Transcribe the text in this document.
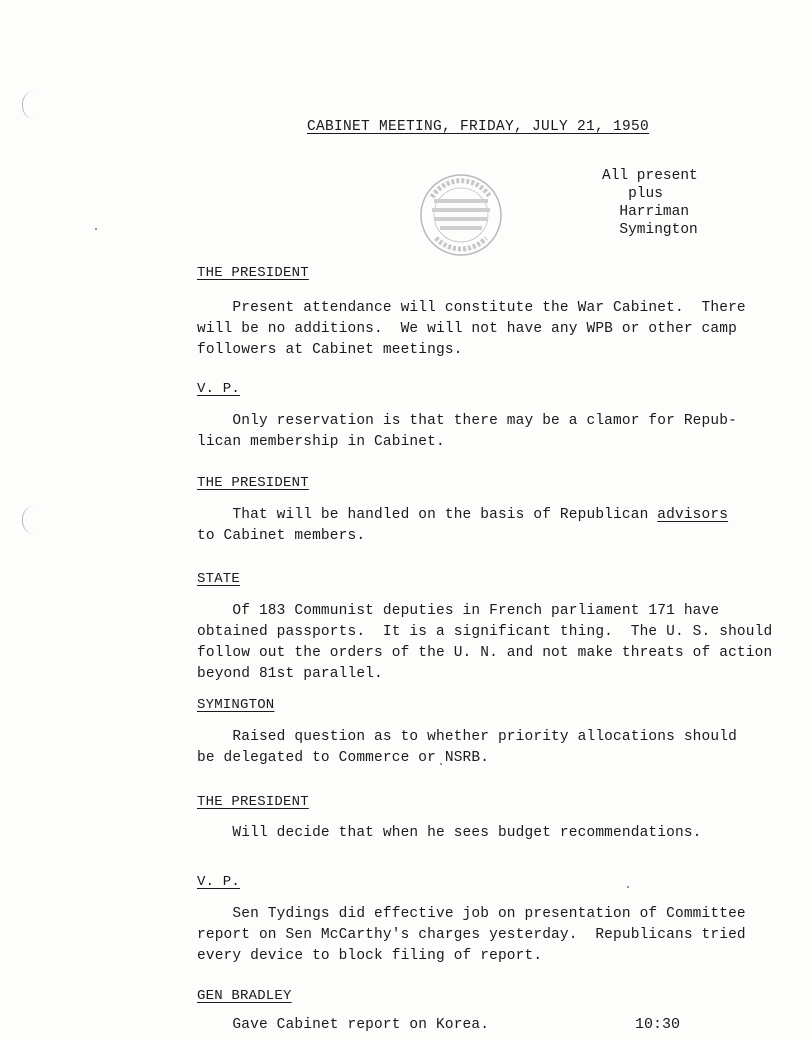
CABINET MEETING, FRIDAY, JULY 21, 1950
All present
plus
Harriman
Symington
THE PRESIDENT
Present attendance will constitute the War Cabinet.  There
will be no additions.  We will not have any WPB or other camp
followers at Cabinet meetings.
V. P.
Only reservation is that there may be a clamor for Repub-
lican membership in Cabinet.
THE PRESIDENT
That will be handled on the basis of Republican advisors
to Cabinet members.
STATE
Of 183 Communist deputies in French parliament 171 have
obtained passports.  It is a significant thing.  The U. S. should
follow out the orders of the U. N. and not make threats of action
beyond 81st parallel.
SYMINGTON
Raised question as to whether priority allocations should
be delegated to Commerce or NSRB.
THE PRESIDENT
Will decide that when he sees budget recommendations.
V. P.
Sen Tydings did effective job on presentation of Committee
report on Sen McCarthy's charges yesterday.  Republicans tried
every device to block filing of report.
GEN BRADLEY
Gave Cabinet report on Korea.	10:30
